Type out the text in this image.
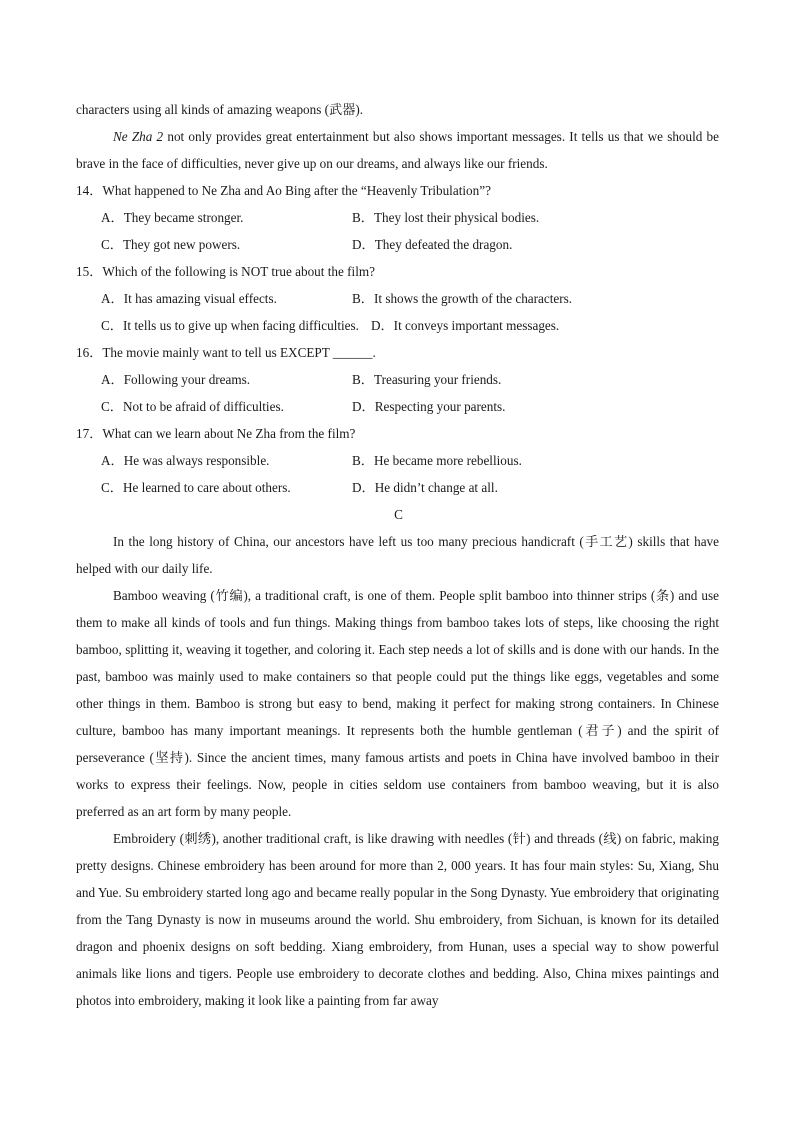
characters using all kinds of amazing weapons (武器).

Ne Zha 2 not only provides great entertainment but also shows important messages. It tells us that we should be brave in the face of difficulties, never give up on our dreams, and always like our friends.

14．What happened to Ne Zha and Ao Bing after the “Heavenly Tribulation”?
A．They became stronger.	B．They lost their physical bodies.
C．They got new powers.	D．They defeated the dragon.
15．Which of the following is NOT true about the film?
A．It has amazing visual effects.	B．It shows the growth of the characters.
C．It tells us to give up when facing difficulties. D．It conveys important messages.
16．The movie mainly want to tell us EXCEPT ______.
A．Following your dreams.	B．Treasuring your friends.
C．Not to be afraid of difficulties.	D．Respecting your parents.
17．What can we learn about Ne Zha from the film?
A．He was always responsible.	B．He became more rebellious.
C．He learned to care about others.	D．He didn’t change at all.
C

In the long history of China, our ancestors have left us too many precious handicraft (手工艺) skills that have helped with our daily life.

Bamboo weaving (竹编), a traditional craft, is one of them. People split bamboo into thinner strips (条) and use them to make all kinds of tools and fun things. Making things from bamboo takes lots of steps, like choosing the right bamboo, splitting it, weaving it together, and coloring it. Each step needs a lot of skills and is done with our hands. In the past, bamboo was mainly used to make containers so that people could put the things like eggs, vegetables and some other things in them. Bamboo is strong but easy to bend, making it perfect for making strong containers. In Chinese culture, bamboo has many important meanings. It represents both the humble gentleman (君子) and the spirit of perseverance (坚持). Since the ancient times, many famous artists and poets in China have involved bamboo in their works to express their feelings. Now, people in cities seldom use containers from bamboo weaving, but it is also preferred as an art form by many people.

Embroidery (刺绣), another traditional craft, is like drawing with needles (针) and threads (线) on fabric, making pretty designs. Chinese embroidery has been around for more than 2, 000 years. It has four main styles: Su, Xiang, Shu and Yue. Su embroidery started long ago and became really popular in the Song Dynasty. Yue embroidery that originating from the Tang Dynasty is now in museums around the world. Shu embroidery, from Sichuan, is known for its detailed dragon and phoenix designs on soft bedding. Xiang embroidery, from Hunan, uses a special way to show powerful animals like lions and tigers. People use embroidery to decorate clothes and bedding. Also, China mixes paintings and photos into embroidery, making it look like a painting from far away
